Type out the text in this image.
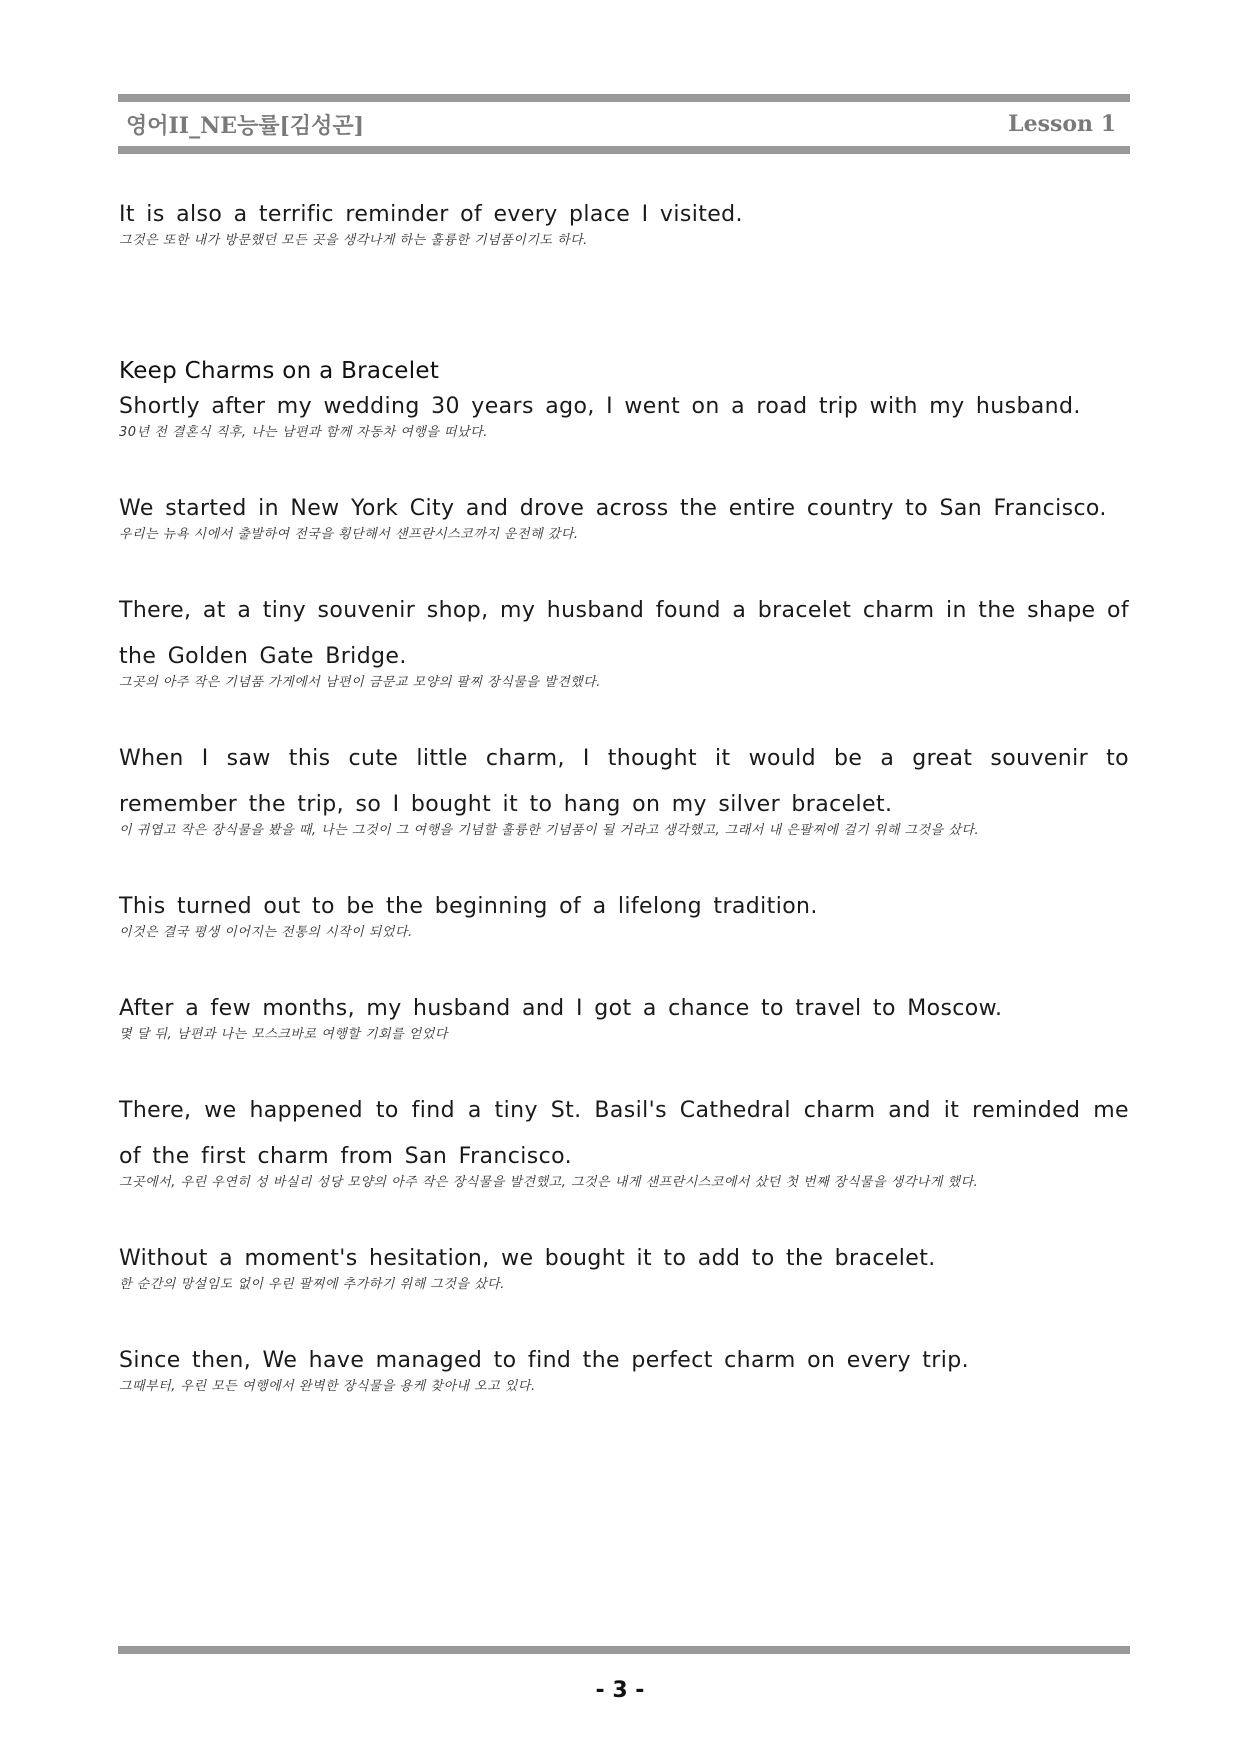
영어II_NE능률[김성곤]	Lesson 1
It is also a terrific reminder of every place I visited.
그것은 또한 내가 방문했던 모든 곳을 생각나게 하는 훌륭한 기념품이기도 하다.
Keep Charms on a Bracelet
Shortly after my wedding 30 years ago, I went on a road trip with my husband.
30년 전 결혼식 직후, 나는 남편과 함께 자동차 여행을 떠났다.
We started in New York City and drove across the entire country to San Francisco.
우리는 뉴욕 시에서 출발하여 전국을 횡단해서 샌프란시스코까지 운전해 갔다.
There, at a tiny souvenir shop, my husband found a bracelet charm in the shape of the Golden Gate Bridge.
그곳의 아주 작은 기념품 가게에서 남편이 금문교 모양의 팔찌 장식물을 발견했다.
When I saw this cute little charm, I thought it would be a great souvenir to remember the trip, so I bought it to hang on my silver bracelet.
이 귀엽고 작은 장식물을 봤을 때, 나는 그것이 그 여행을 기념할 훌륭한 기념품이 될 거라고 생각했고, 그래서 내 은팔찌에 걸기 위해 그것을 샀다.
This turned out to be the beginning of a lifelong tradition.
이것은 결국 평생 이어지는 전통의 시작이 되었다.
After a few months, my husband and I got a chance to travel to Moscow.
몇 달 뒤, 남편과 나는 모스크바로 여행할 기회를 얻었다
There, we happened to find a tiny St. Basil's Cathedral charm and it reminded me of the first charm from San Francisco.
그곳에서, 우린 우연히 성 바실리 성당 모양의 아주 작은 장식물을 발견했고, 그것은 내게 샌프란시스코에서 샀던 첫 번째 장식물을 생각나게 했다.
Without a moment's hesitation, we bought it to add to the bracelet.
한 순간의 망설임도 없이 우린 팔찌에 추가하기 위해 그것을 샀다.
Since then, We have managed to find the perfect charm on every trip.
그때부터, 우린 모든 여행에서 완벽한 장식물을 용케 찾아내 오고 있다.
- 3 -
